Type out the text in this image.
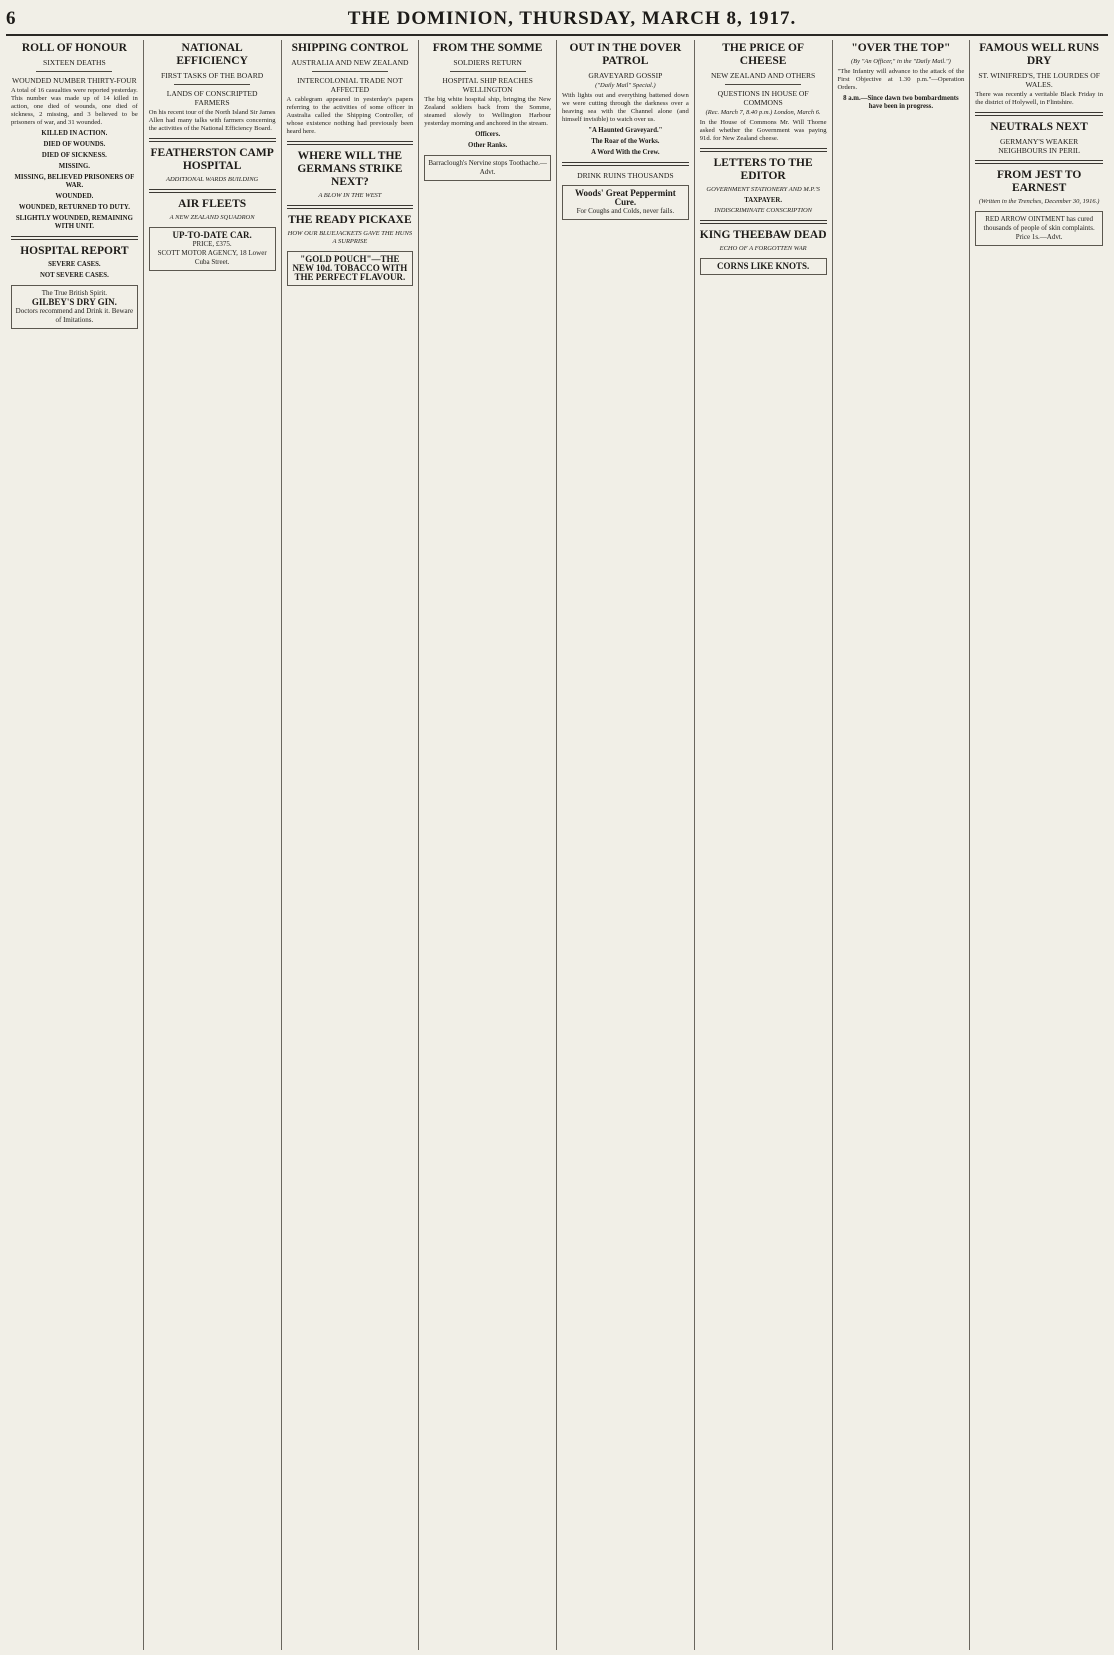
6	THE DOMINION, THURSDAY, MARCH 8, 1917.
ROLL OF HONOUR
SIXTEEN DEATHS
WOUNDED NUMBER THIRTY-FOUR

A total of 16 casualties were reported yesterday. This number was made up of 14 killed in action, one died of wounds, one died of sickness, 2 missing, and 3 believed to be prisoners of war, and 31 wounded.

KILLED IN ACTION.

DIED OF WOUNDS.
DIED OF SICKNESS.
MISSING.
MISSING, BELIEVED PRISONERS OF WAR.
WOUNDED.
WOUNDED, RETURNED TO DUTY.
SLIGHTLY WOUNDED, REMAINING WITH UNIT.
HOSPITAL REPORT
SEVERE CASES.
NOT SEVERE CASES.
The True British Spirit.
GILBEY'S DRY GIN.
Doctors recommend and Drink it. Beware of Imitations.
NATIONAL EFFICIENCY
FIRST TASKS OF THE BOARD
LANDS OF CONSCRIPTED FARMERS

On his recent tour of the North Island Sir James Allen had many talks with farmers concerning the activities of the National Efficiency Board.

FEATHERSTON CAMP HOSPITAL
ADDITIONAL WARDS BUILDING
AIR FLEETS
A NEW ZEALAND SQUADRON
UP-TO-DATE CAR.
PRICE, £375.
SCOTT MOTOR AGENCY, 18 Lower Cuba Street.
SHIPPING CONTROL
AUSTRALIA AND NEW ZEALAND
INTERCOLONIAL TRADE NOT AFFECTED

A cablegram appeared in yesterday's papers referring to the activities of some officer in Australia called the Shipping Controller, of whose existence nothing had previously been heard here.

WHERE WILL THE GERMANS STRIKE NEXT?
A BLOW IN THE WEST
THE READY PICKAXE
HOW OUR BLUEJACKETS GAVE THE HUNS A SURPRISE
"GOLD POUCH"—THE NEW 10d. TOBACCO WITH THE PERFECT FLAVOUR.
FROM THE SOMME
SOLDIERS RETURN
HOSPITAL SHIP REACHES WELLINGTON

The big white hospital ship, bringing the New Zealand soldiers back from the Somme, steamed slowly to Wellington Harbour yesterday morning and anchored in the stream.

Officers.
Other Ranks.
Barraclough's Nervine stops Toothache.—Advt.
OUT IN THE DOVER PATROL
GRAVEYARD GOSSIP
("Daily Mail" Special.)

With lights out and everything battened down we were cutting through the darkness over a heaving sea with the Channel alone (and himself invisible) to watch over us.

"A Haunted Graveyard."
The Roar of the Works.
A Word With the Crew.
DRINK RUINS THOUSANDS
Woods' Great Peppermint Cure.
For Coughs and Colds, never fails.
THE PRICE OF CHEESE
NEW ZEALAND AND OTHERS
QUESTIONS IN HOUSE OF COMMONS
(Rec. March 7, 8.40 p.m.) London, March 6.

In the House of Commons Mr. Will Thorne asked whether the Government was paying 91d. for New Zealand cheese.

LETTERS TO THE EDITOR
GOVERNMENT STATIONERY AND M.P.'S
TAXPAYER.
INDISCRIMINATE CONSCRIPTION
KING THEEBAW DEAD
ECHO OF A FORGOTTEN WAR
CORNS LIKE KNOTS.
"OVER THE TOP"
(By "An Officer," in the "Daily Mail.")

"The Infantry will advance to the attack of the First Objective at 1.30 p.m."—Operation Orders.

8 a.m.—Since dawn two bombardments have been in progress.
FAMOUS WELL RUNS DRY
ST. WINIFRED'S, THE LOURDES OF WALES.

There was recently a veritable Black Friday in the district of Holywell, in Flintshire.

NEUTRALS NEXT
GERMANY'S WEAKER NEIGHBOURS IN PERIL
FROM JEST TO EARNEST
(Written in the Trenches, December 30, 1916.)
RED ARROW OINTMENT has cured thousands of people of skin complaints. Price 1s.—Advt.
